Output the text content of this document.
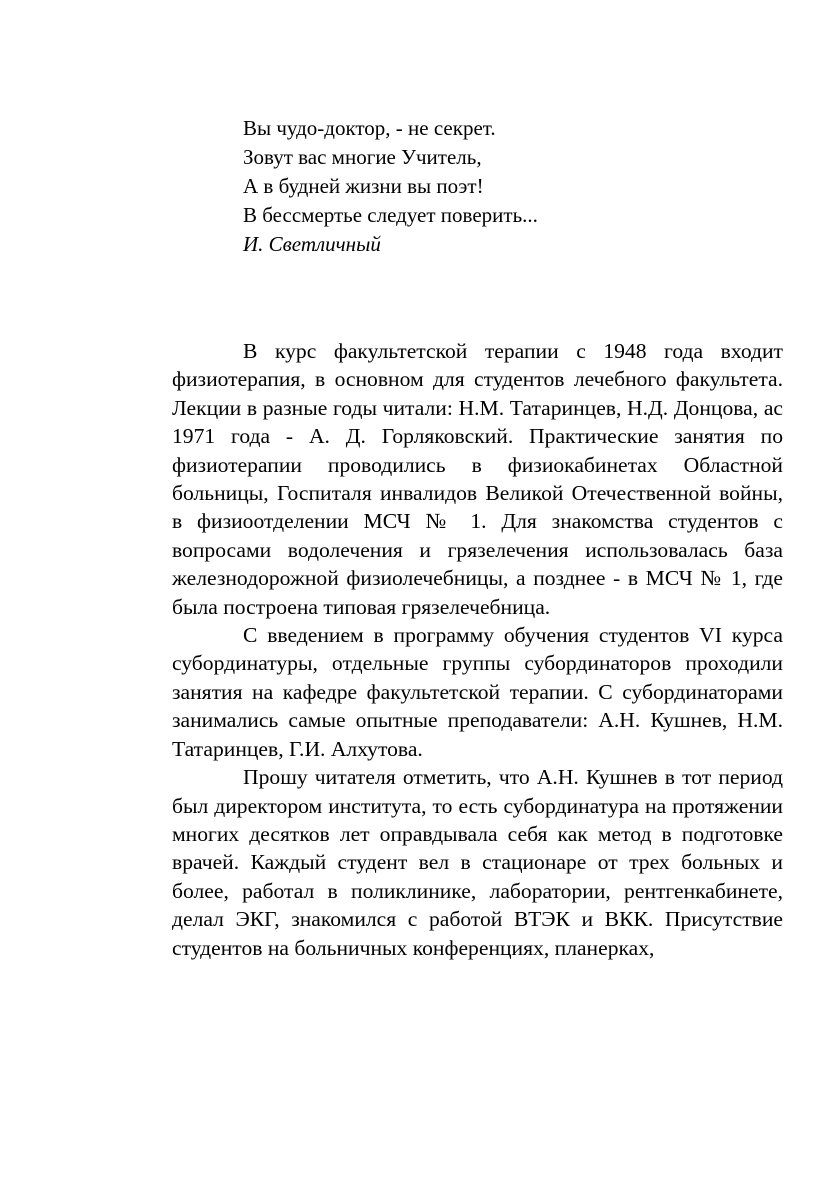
Вы чудо-доктор, - не секрет.
Зовут вас многие Учитель,
А в будней жизни вы поэт!
В бессмертье следует поверить...
И. Светличный

В курс факультетской терапии с 1948 года входит физиотерапия, в основном для студентов лечебного факультета. Лекции в разные годы читали: Н.М. Татаринцев, Н.Д. Донцова, ас 1971 года - А. Д. Горляковский. Практические занятия по физиотерапии проводились в физиокабинетах Областной больницы, Госпиталя инвалидов Великой Отечественной войны, в физиоотделении МСЧ № 1. Для знакомства студентов с вопросами водолечения и грязелечения использовалась база железнодорожной физиолечебницы, а позднее - в МСЧ № 1, где была построена типовая грязелечебница.

С введением в программу обучения студентов VI курса субординатуры, отдельные группы субординаторов проходили занятия на кафедре факультетской терапии. С субординаторами занимались самые опытные преподаватели: А.Н. Кушнев, Н.М. Татаринцев, Г.И. Алхутова.

Прошу читателя отметить, что А.Н. Кушнев в тот период был директором института, то есть субординатура на протяжении многих десятков лет оправдывала себя как метод в подготовке врачей. Каждый студент вел в стационаре от трех больных и более, работал в поликлинике, лаборатории, рентгенкабинете, делал ЭКГ, знакомился с работой ВТЭК и ВКК. Присутствие студентов на больничных конференциях, планерках,
